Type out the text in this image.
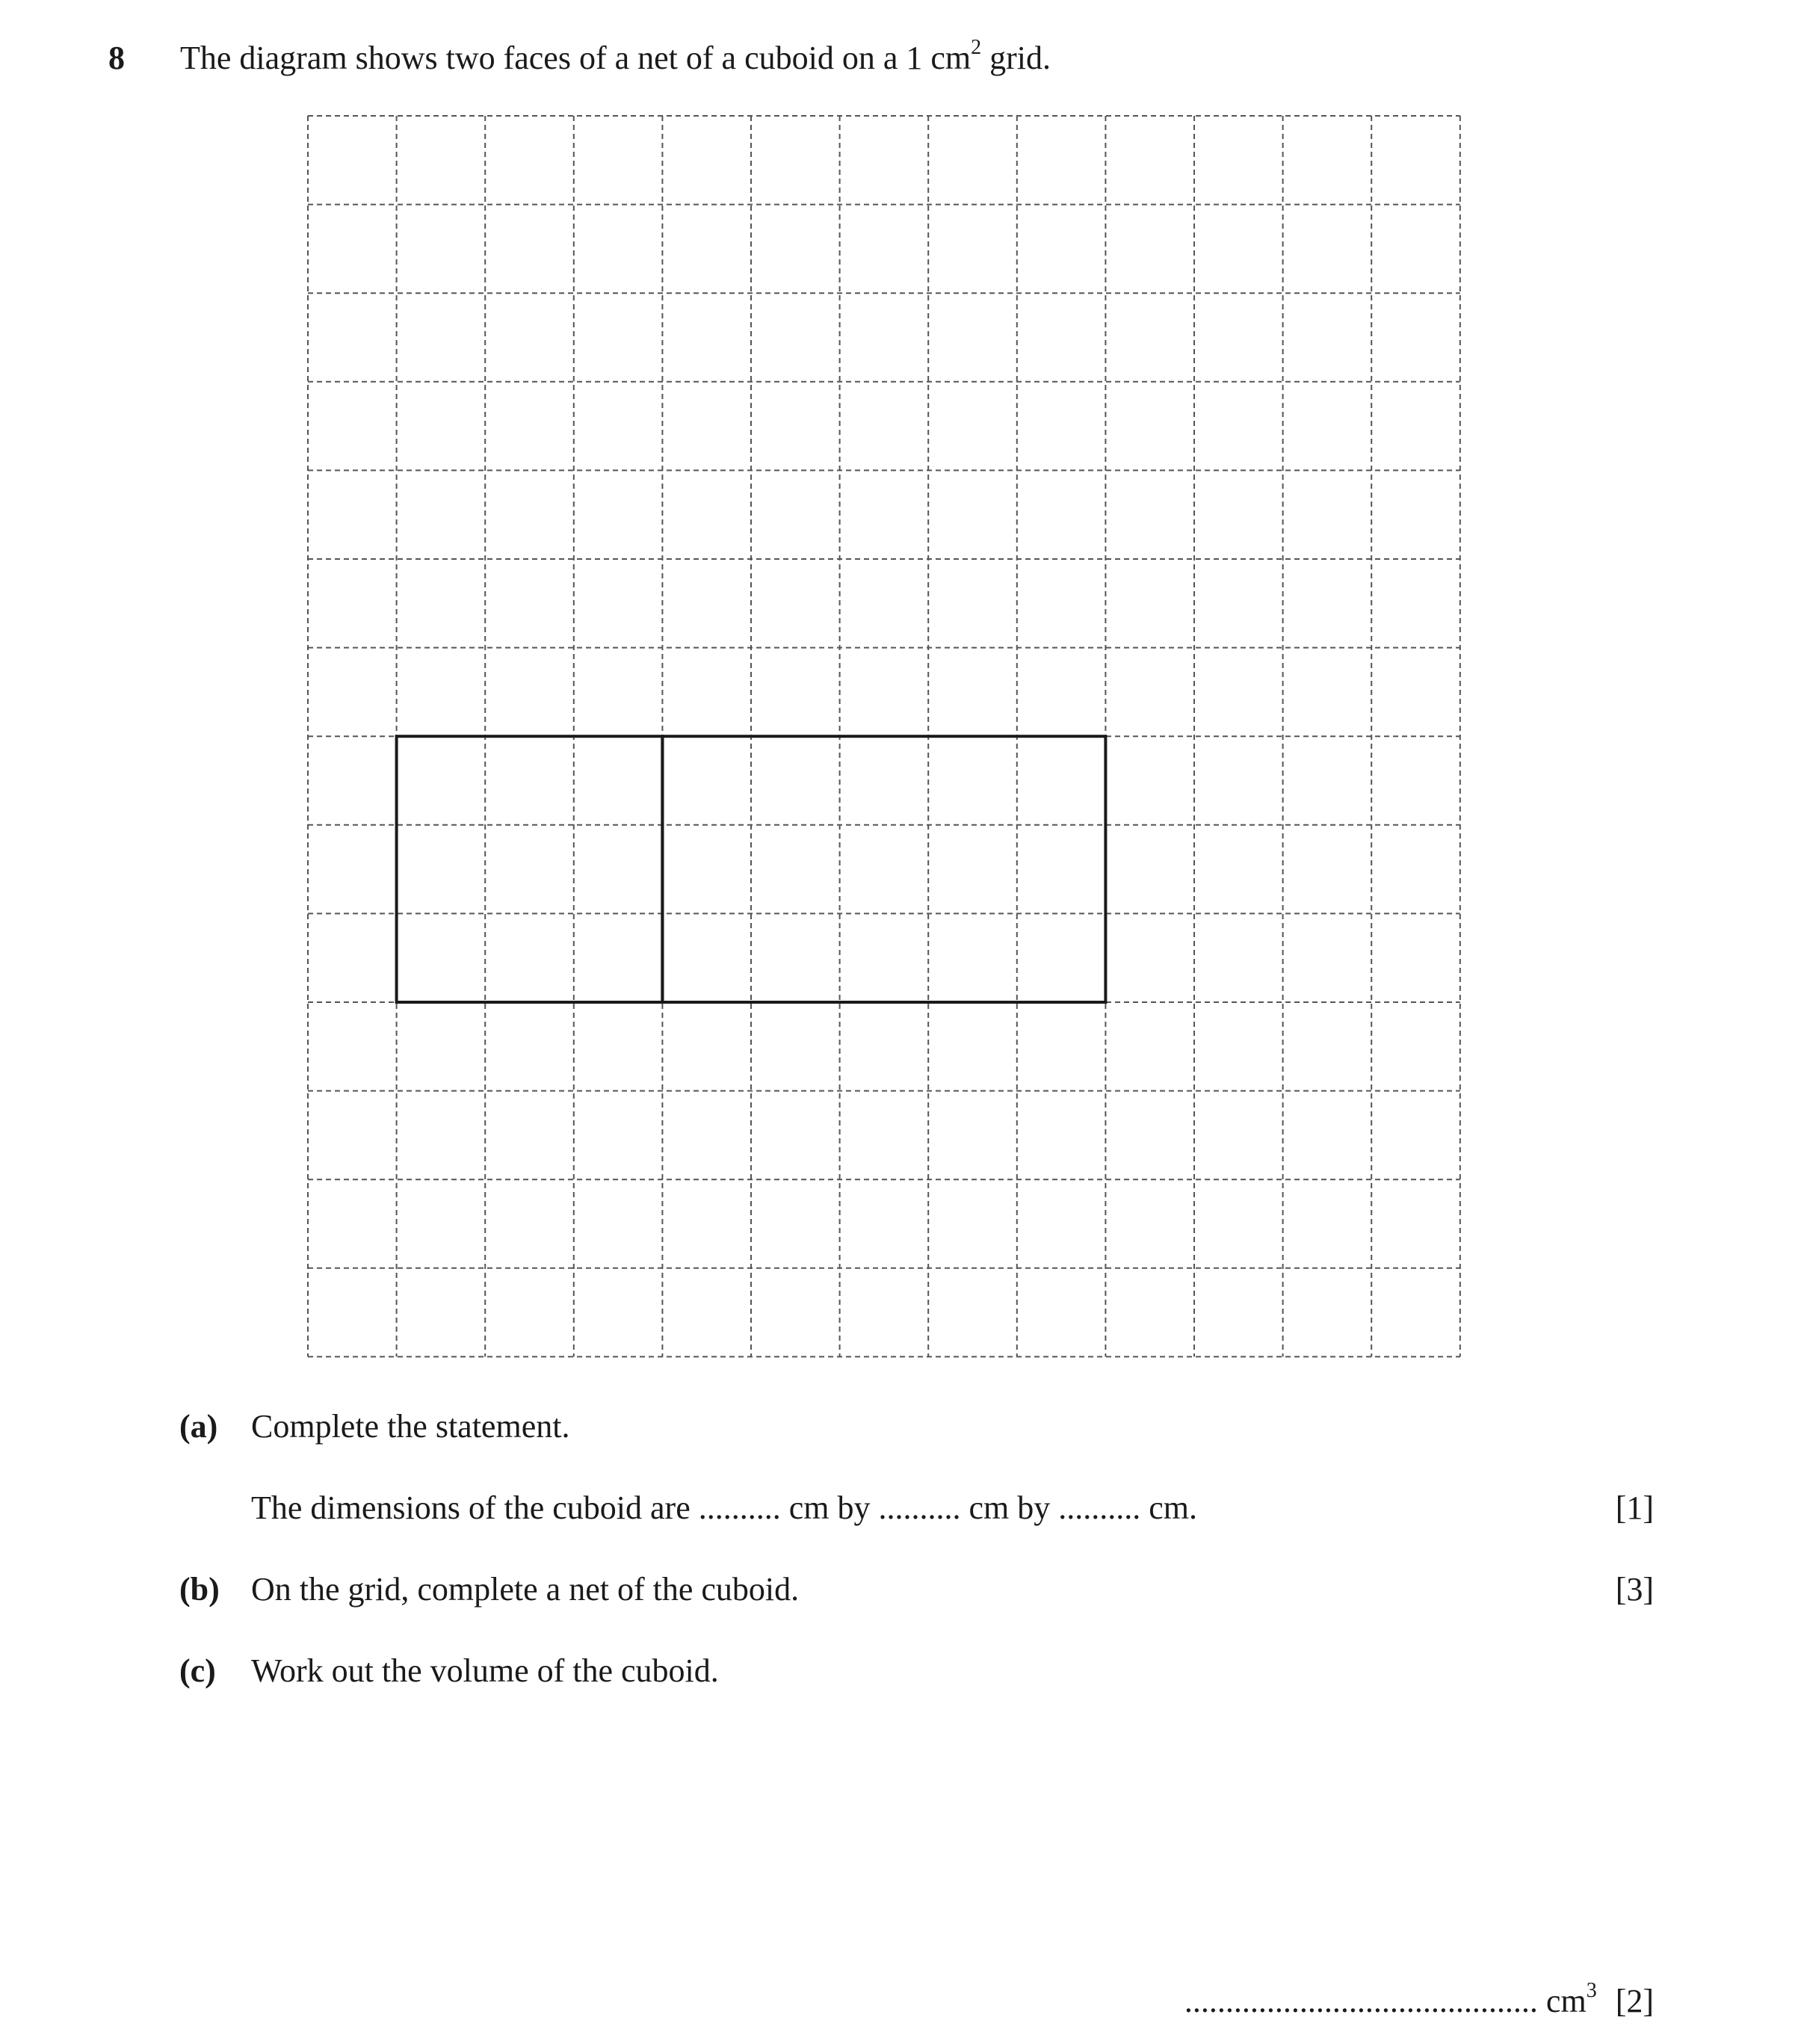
8 The diagram shows two faces of a net of a cuboid on a 1 $cm^2$ grid.
(a) Complete the statement.
The dimensions of the cuboid are .......... cm by .......... cm by .......... cm.	[1]
(b) On the grid, complete a net of the cuboid.	[3]
(c) Work out the volume of the cuboid.
........................................... $cm^3$ [2]
